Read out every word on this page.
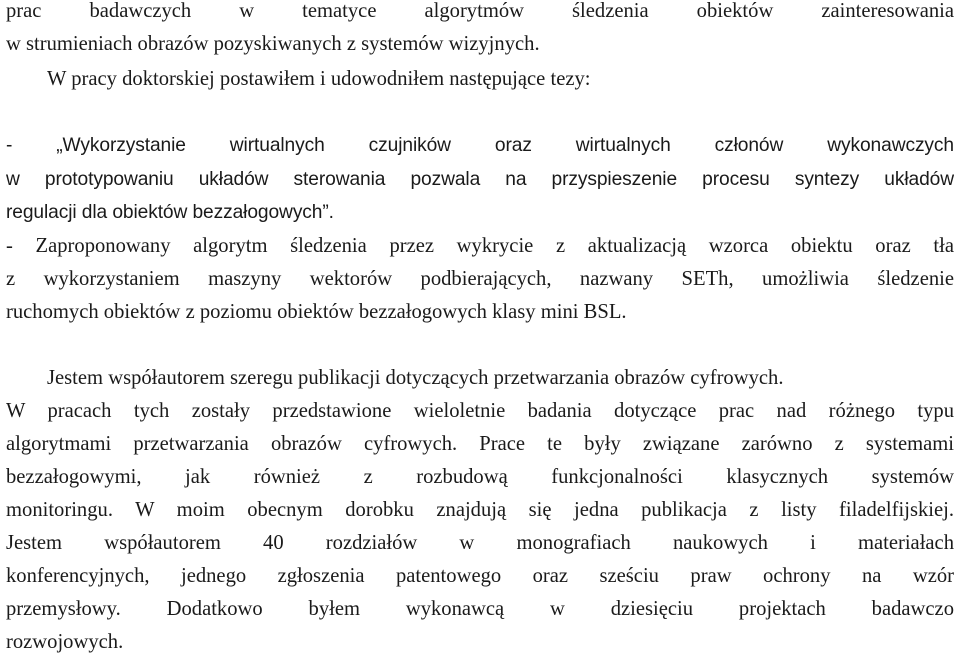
prac badawczych w tematyce algorytmów śledzenia obiektów zainteresowania
w strumieniach obrazów pozyskiwanych z systemów wizyjnych.
W pracy doktorskiej postawiłem i udowodniłem następujące tezy:
- „Wykorzystanie wirtualnych czujników oraz wirtualnych członów wykonawczych
w prototypowaniu układów sterowania pozwala na przyspieszenie procesu syntezy układów
regulacji dla obiektów bezzałogowych”.
- Zaproponowany algorytm śledzenia przez wykrycie z aktualizacją wzorca obiektu oraz tła
z wykorzystaniem maszyny wektorów podbierających, nazwany SETh, umożliwia śledzenie
ruchomych obiektów z poziomu obiektów bezzałogowych klasy mini BSL.
Jestem współautorem szeregu publikacji dotyczących przetwarzania obrazów cyfrowych.
W pracach tych zostały przedstawione wieloletnie badania dotyczące prac nad różnego typu
algorytmami przetwarzania obrazów cyfrowych. Prace te były związane zarówno z systemami
bezzałogowymi, jak również z rozbudową funkcjonalności klasycznych systemów
monitoringu. W moim obecnym dorobku znajdują się jedna publikacja z listy filadelfijskiej.
Jestem współautorem 40 rozdziałów w monografiach naukowych i materiałach
konferencyjnych, jednego zgłoszenia patentowego oraz sześciu praw ochrony na wzór
przemysłowy. Dodatkowo byłem wykonawcą w dziesięciu projektach badawczo
rozwojowych.
